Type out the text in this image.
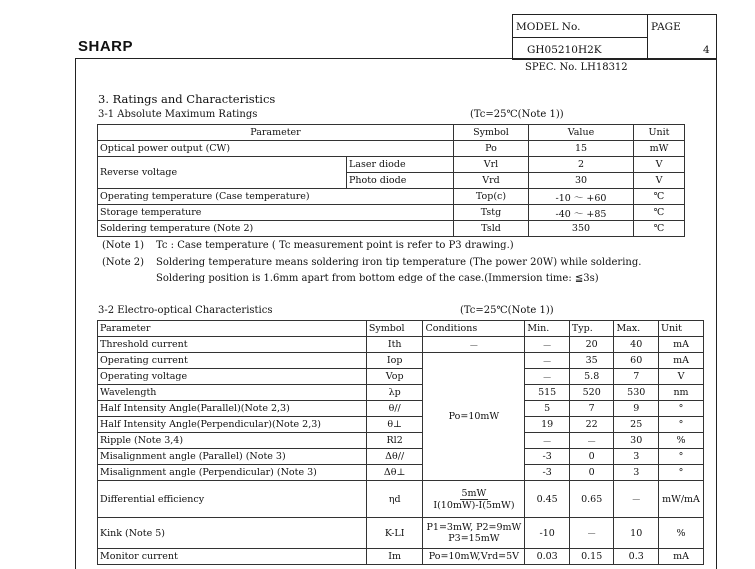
SHARP
MODEL No.
GH05210H2K
PAGE
4
SPEC. No. LH18312
3. Ratings and Characteristics
3-1 Absolute Maximum Ratings	(Tc=25℃(Note 1))
Parameter		Symbol	Value	Unit
Optical power output (CW)		Po	15	mW
Reverse voltage	Laser diode	Vrl	2	V
	Photo diode	Vrd	30	V
Operating temperature (Case temperature)		Top(c)	-10 ～ +60	℃
Storage temperature		Tstg	-40 ～ +85	℃
Soldering temperature (Note 2)		Tsld	350	℃
(Note 1) Tc : Case temperature ( Tc measurement point is refer to P3 drawing.)
(Note 2) Soldering temperature means soldering iron tip temperature (The power 20W) while soldering.
Soldering position is 1.6mm apart from bottom edge of the case.(Immersion time: ≦3s)
3-2 Electro-optical Characteristics	(Tc=25℃(Note 1))
Parameter	Symbol	Conditions	Min.	Typ.	Max.	Unit
Threshold current	Ith	－	－	20	40	mA
Operating current	Iop	Po=10mW	－	35	60	mA
Operating voltage	Vop		－	5.8	7	V
Wavelength	λp		515	520	530	nm
Half Intensity Angle(Parallel)(Note 2,3)	θ//		5	7	9	°
Half Intensity Angle(Perpendicular)(Note 2,3)	θ⊥		19	22	25	°
Ripple (Note 3,4)	Rl2		－	－	30	%
Misalignment angle (Parallel) (Note 3)	Δθ//		-3	0	3	°
Misalignment angle (Perpendicular) (Note 3)	Δθ⊥		-3	0	3	°
Differential efficiency	ηd	5mW
I(10mW)-I(5mW)	0.45	0.65	－	mW/mA
Kink (Note 5)	K-LI	P1=3mW, P2=9mW
P3=15mW	-10	－	10	%
Monitor current	Im	Po=10mW,Vrd=5V	0.03	0.15	0.3	mA
